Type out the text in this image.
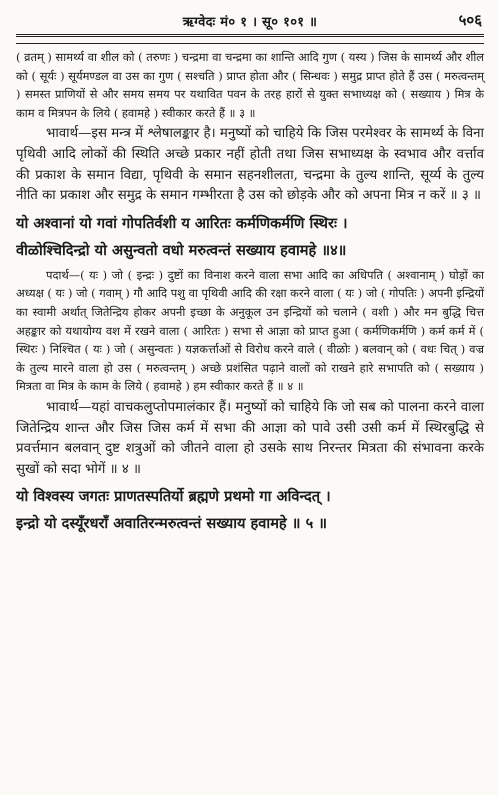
ऋग्वेदः मं० १ । सू० १०१ ॥	५०६

( व्रतम् ) सामर्थ्य वा शील को ( तरुणः ) चन्द्रमा वा चन्द्रमा का शान्ति आदि गुण ( यस्य ) जिस के सामर्थ्य और शील को ( सूर्यः ) सूर्यमण्डल वा उस का गुण ( सश्चति ) प्राप्त होता और ( सिन्धवः ) समुद्र प्राप्त होते हैं उस ( मरुत्वन्तम् ) समस्त प्राणियों से और समय समय पर यथावित पवन के तरह हारों से युक्त सभाध्यक्ष को ( सख्याय ) मित्र के काम व मित्रपन के लिये ( हवामहे ) स्वीकार करते हैं ॥ ३ ॥

भावार्थ—इस मन्त्र में श्लेषालङ्कार है। मनुष्यों को चाहिये कि जिस परमेश्वर के सामर्थ्य के विना पृथिवी आदि लोकों की स्थिति अच्छे प्रकार नहीं होती तथा जिस सभाध्यक्ष के स्वभाव और वर्त्ताव की प्रकाश के समान विद्या, पृथिवी के समान सहनशीलता, चन्द्रमा के तुल्य शान्ति, सूर्य्य के तुल्य नीति का प्रकाश और समुद्र के समान गम्भीरता है उस को छोड़के और को अपना मित्र न करें ॥ ३ ॥

यो अश्वानां यो गवां गोपतिर्वशी य आरितः कर्मणिकर्मणि स्थिरः ।
वीळोश्चिदिन्द्रो यो असुन्वतो वधो मरुत्वन्तं सख्याय हवामहे ॥४॥

पदार्थ—( यः ) जो ( इन्द्रः ) दुष्टों का विनाश करने वाला सभा आदि का अधिपति ( अश्वानाम् ) घोड़ों का अध्यक्ष ( यः ) जो ( गवाम् ) गौ आदि पशु वा पृथिवी आदि की रक्षा करने वाला ( यः ) जो ( गोपतिः ) अपनी इन्द्रियों का स्वामी अर्थात् जितेन्द्रिय होकर अपनी इच्छा के अनुकूल उन इन्द्रियों को चलाने ( वशी ) और मन बुद्धि चित्त अहङ्कार को यथायोग्य वश में रखने वाला ( आरितः ) सभा से आज्ञा को प्राप्त हुआ ( कर्मणिकर्मणि ) कर्म कर्म में ( स्थिरः ) निश्चित ( यः ) जो ( असुन्वतः ) यज्ञकर्त्ताओं से विरोध करने वाले ( वीळोः ) बलवान् को ( वधः चित् ) वज्र के तुल्य मारने वाला हो उस ( मरुत्वन्तम् ) अच्छे प्रशंसित पढ़ाने वालों को राखने हारे सभापति को ( सख्याय ) मित्रता वा मित्र के काम के लिये ( हवामहे ) हम स्वीकार करते हैं ॥ ४ ॥

भावार्थ—यहां वाचकलुप्तोपमालंकार हैं। मनुष्यों को चाहिये कि जो सब को पालना करने वाला जितेन्द्रिय शान्त और जिस जिस कर्म में सभा की आज्ञा को पावे उसी उसी कर्म में स्थिरबुद्धि से प्रवर्त्तमान बलवान् दुष्ट शत्रुओं को जीतने वाला हो उसके साथ निरन्तर मित्रता की संभावना करके सुखों को सदा भोगें ॥ ४ ॥

यो विश्वस्य जगतः प्राणतस्पतिर्यो ब्रह्मणे प्रथमो गा अविन्दत् ।
इन्द्रो यो दस्यूँरधराँ अवातिरन्मरुत्वन्तं सख्याय हवामहे ॥ ५ ॥
